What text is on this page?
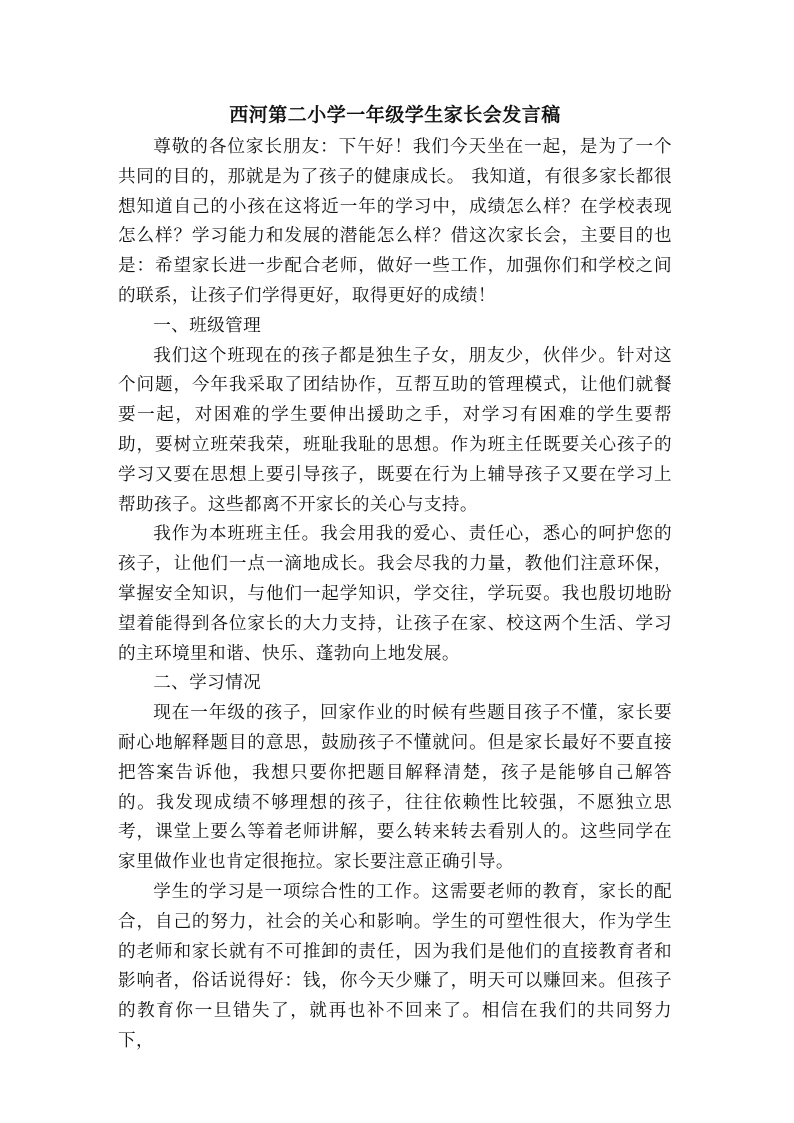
西河第二小学一年级学生家长会发言稿

尊敬的各位家长朋友：下午好！我们今天坐在一起，是为了一个共同的目的，那就是为了孩子的健康成长。 我知道，有很多家长都很想知道自己的小孩在这将近一年的学习中，成绩怎么样？在学校表现怎么样？学习能力和发展的潜能怎么样？借这次家长会，主要目的也是：希望家长进一步配合老师，做好一些工作，加强你们和学校之间的联系，让孩子们学得更好，取得更好的成绩！

一、班级管理

我们这个班现在的孩子都是独生子女，朋友少，伙伴少。针对这个问题，今年我采取了团结协作，互帮互助的管理模式，让他们就餐要一起，对困难的学生要伸出援助之手，对学习有困难的学生要帮助，要树立班荣我荣，班耻我耻的思想。作为班主任既要关心孩子的学习又要在思想上要引导孩子，既要在行为上辅导孩子又要在学习上帮助孩子。这些都离不开家长的关心与支持。

我作为本班班主任。我会用我的爱心、责任心，悉心的呵护您的孩子，让他们一点一滴地成长。我会尽我的力量，教他们注意环保，掌握安全知识，与他们一起学知识，学交往，学玩耍。我也殷切地盼望着能得到各位家长的大力支持，让孩子在家、校这两个生活、学习的主环境里和谐、快乐、蓬勃向上地发展。

二、学习情况

现在一年级的孩子，回家作业的时候有些题目孩子不懂，家长要耐心地解释题目的意思，鼓励孩子不懂就问。但是家长最好不要直接把答案告诉他，我想只要你把题目解释清楚，孩子是能够自己解答的。我发现成绩不够理想的孩子，往往依赖性比较强，不愿独立思考，课堂上要么等着老师讲解，要么转来转去看别人的。这些同学在家里做作业也肯定很拖拉。家长要注意正确引导。

学生的学习是一项综合性的工作。这需要老师的教育，家长的配合，自己的努力，社会的关心和影响。学生的可塑性很大，作为学生的老师和家长就有不可推卸的责任，因为我们是他们的直接教育者和影响者，俗话说得好：钱，你今天少赚了，明天可以赚回来。但孩子的教育你一旦错失了，就再也补不回来了。相信在我们的共同努力下，
